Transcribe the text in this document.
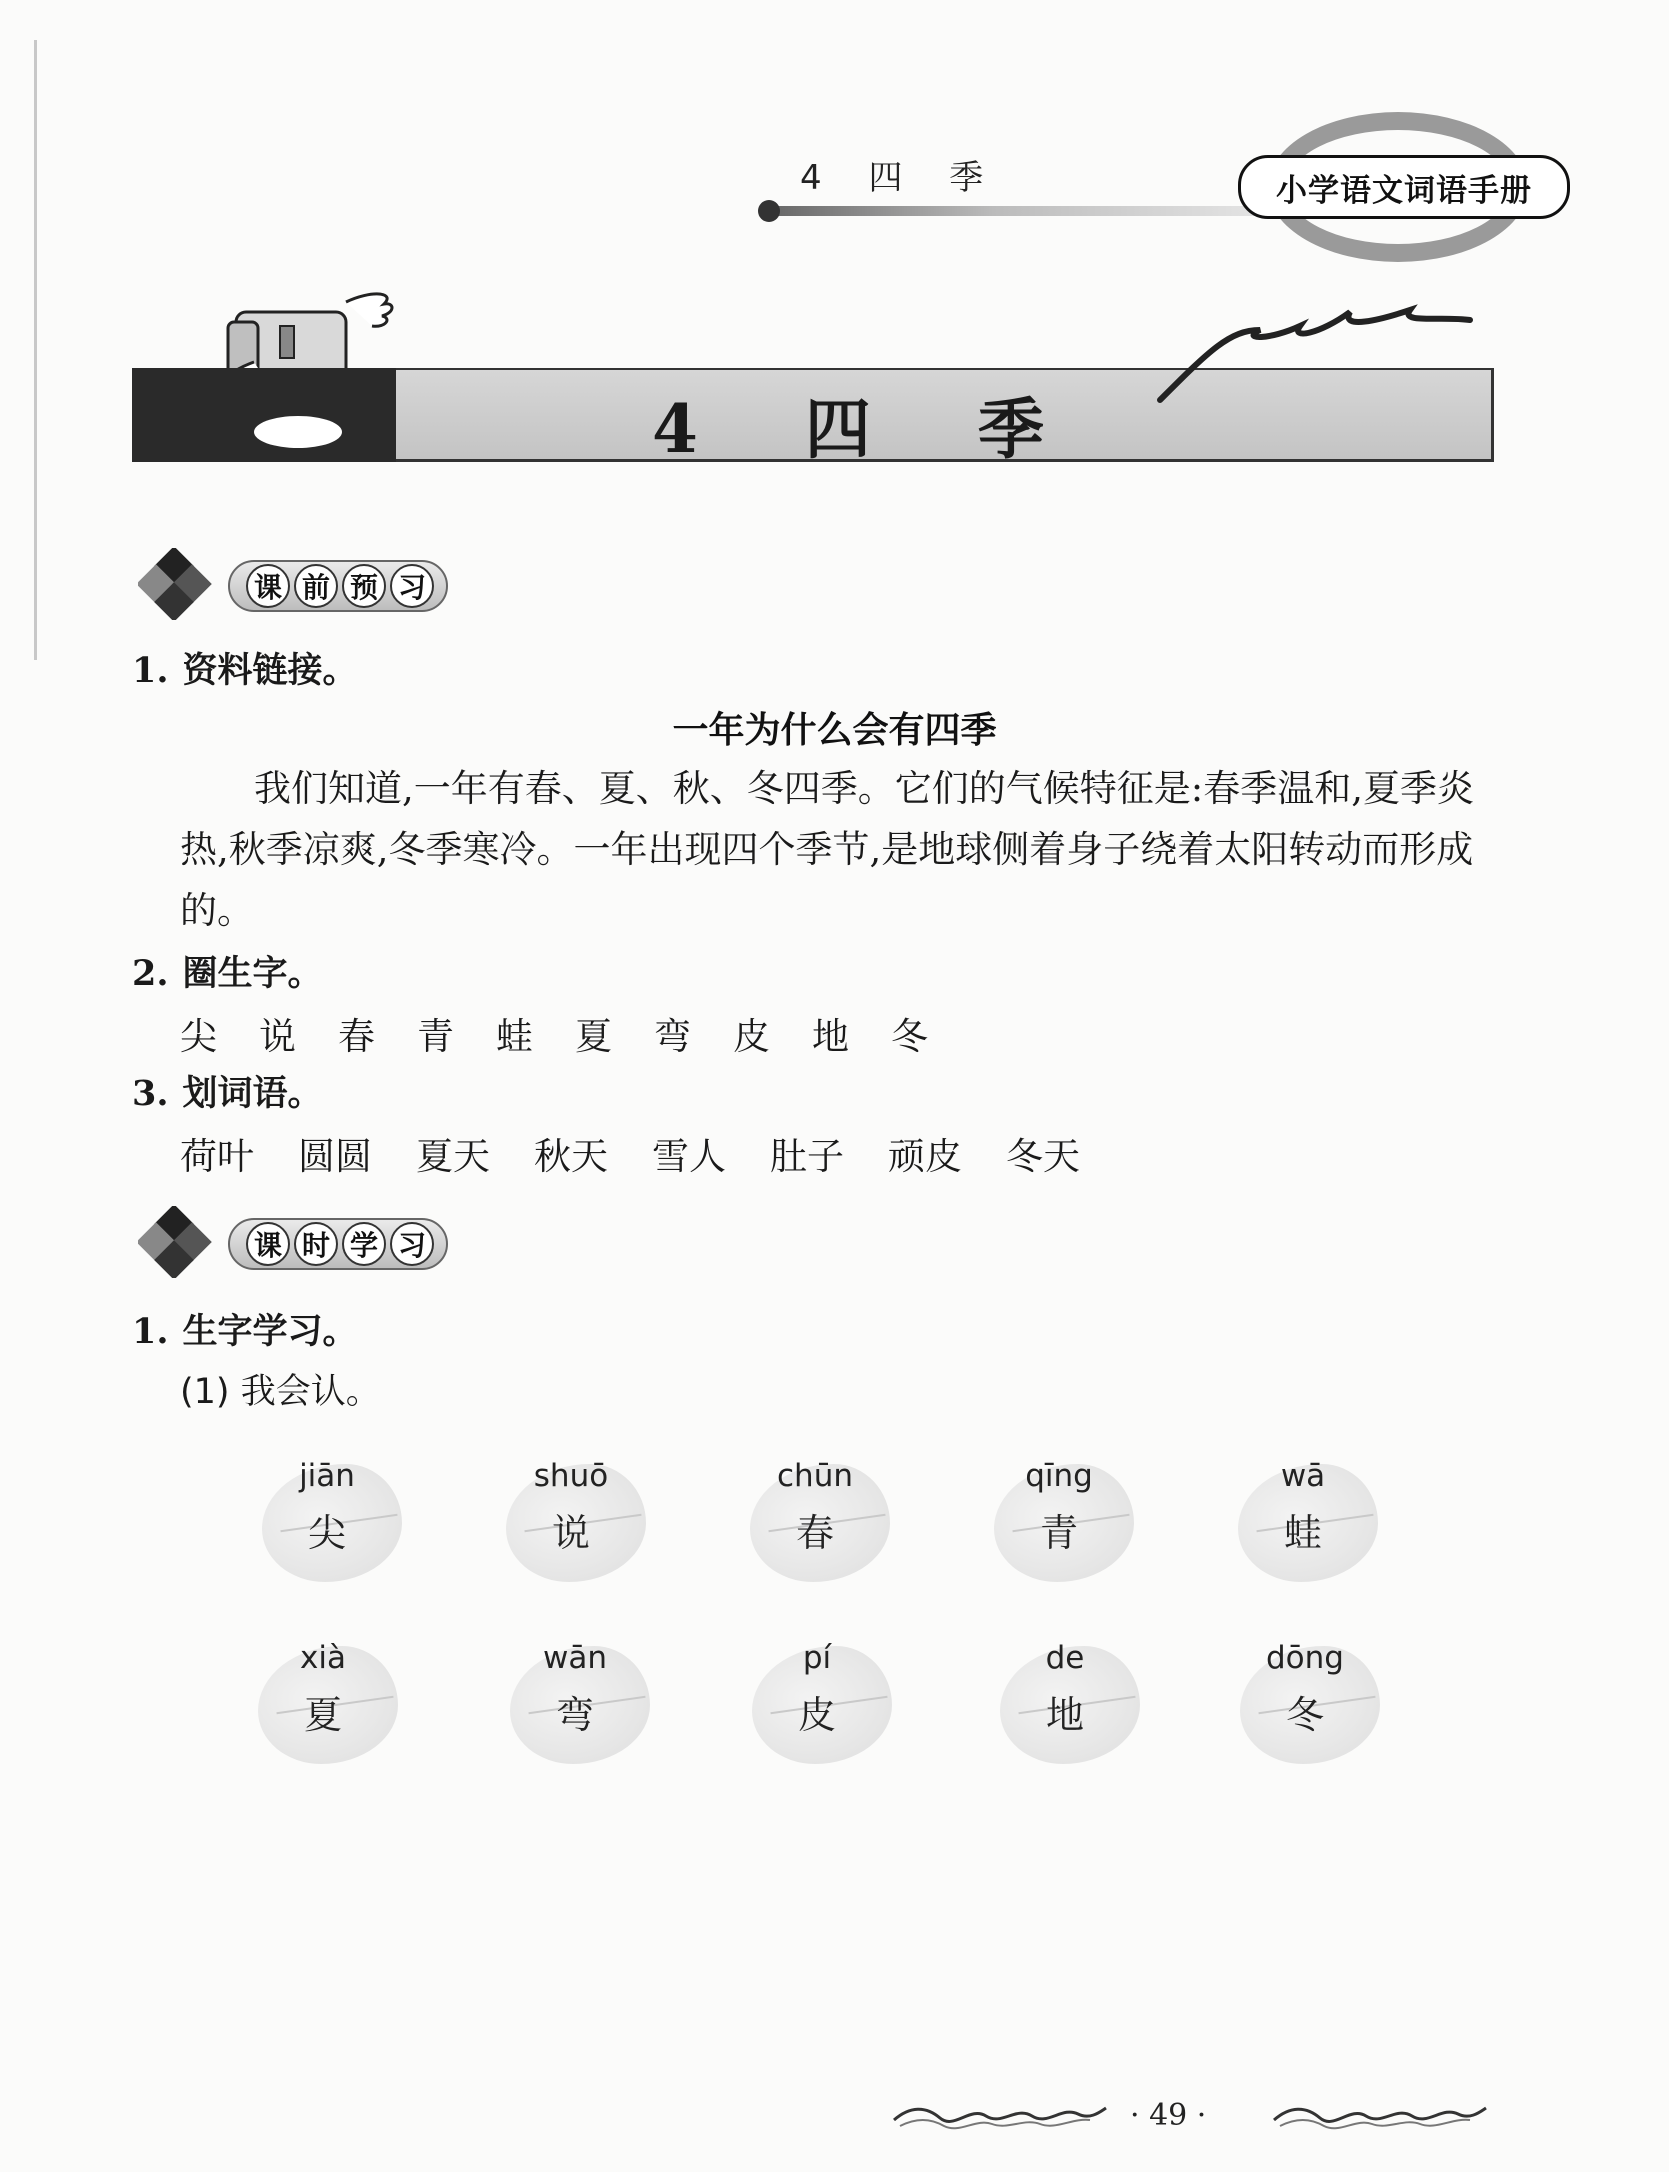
4 四 季	小学语文词语手册
4 四 季
课 前 预 习
1. 资料链接。
一年为什么会有四季
我们知道,一年有春、夏、秋、冬四季。它们的气候特征是:春季温和,夏季炎热,秋季凉爽,冬季寒冷。一年出现四个季节,是地球侧着身子绕着太阳转动而形成的。
2. 圈生字。
尖	说	春	青	蛙	夏	弯	皮	地	冬
3. 划词语。
荷叶	圆圆	夏天	秋天	雪人	肚子	顽皮	冬天
课 时 学 习
1. 生字学习。
(1) 我会认。
jiān
尖
shuō
说
chūn
春
qīng
青
wā
蛙
xià
夏
wān
弯
pí
皮
de
地
dōng
冬
· 49 ·
